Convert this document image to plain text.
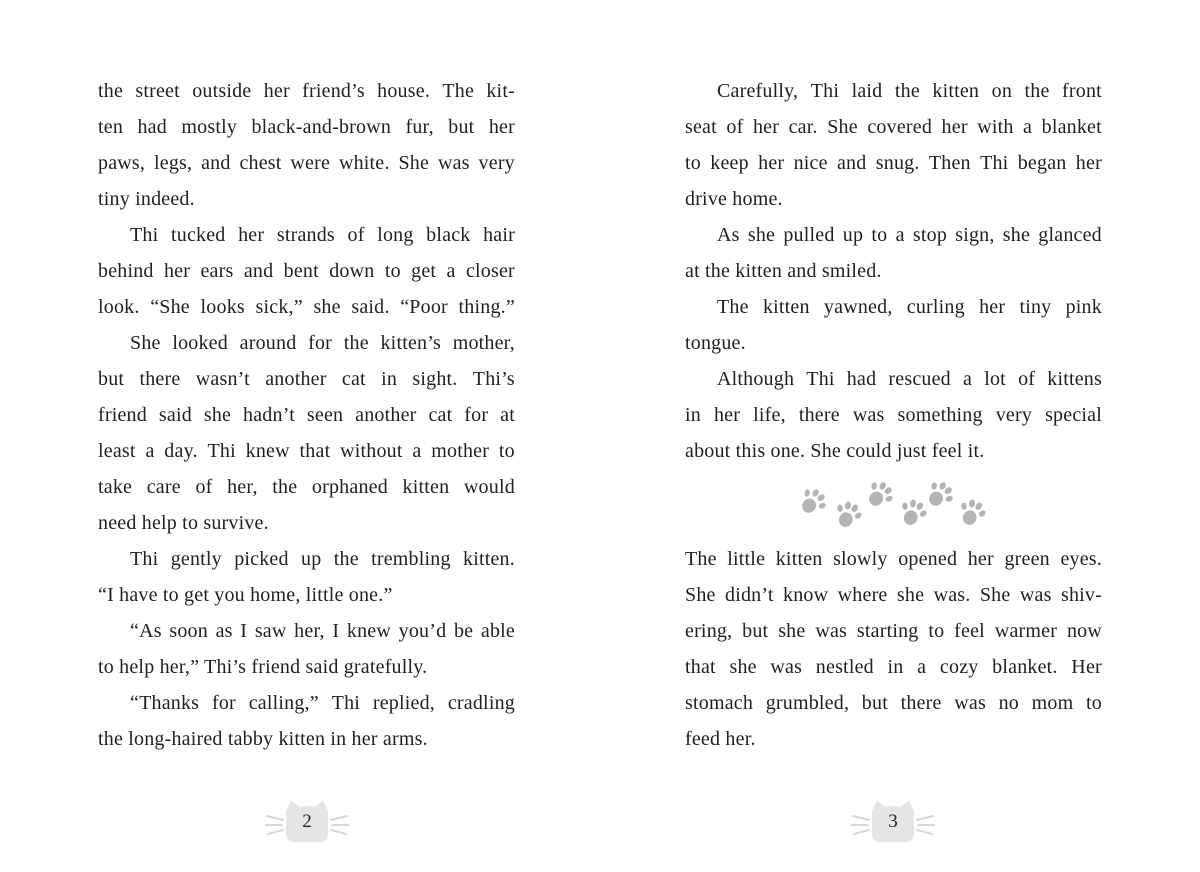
the street outside her friend’s house. The kit-
ten had mostly black-and-brown fur, but her
paws, legs, and chest were white. She was very
tiny indeed.
Thi tucked her strands of long black hair
behind her ears and bent down to get a closer
look. “She looks sick,” she said. “Poor thing.”
She looked around for the kitten’s mother,
but there wasn’t another cat in sight. Thi’s
friend said she hadn’t seen another cat for at
least a day. Thi knew that without a mother to
take care of her, the orphaned kitten would
need help to survive.
Thi gently picked up the trembling kitten.
“I have to get you home, little one.”
“As soon as I saw her, I knew you’d be able
to help her,” Thi’s friend said gratefully.
“Thanks for calling,” Thi replied, cradling
the long-haired tabby kitten in her arms.
Carefully, Thi laid the kitten on the front
seat of her car. She covered her with a blanket
to keep her nice and snug. Then Thi began her
drive home.
As she pulled up to a stop sign, she glanced
at the kitten and smiled.
The kitten yawned, curling her tiny pink
tongue.
Although Thi had rescued a lot of kittens
in her life, there was something very special
about this one. She could just feel it.
The little kitten slowly opened her green eyes.
She didn’t know where she was. She was shiv-
ering, but she was starting to feel warmer now
that she was nestled in a cozy blanket. Her
stomach grumbled, but there was no mom to
feed her.
2	3
